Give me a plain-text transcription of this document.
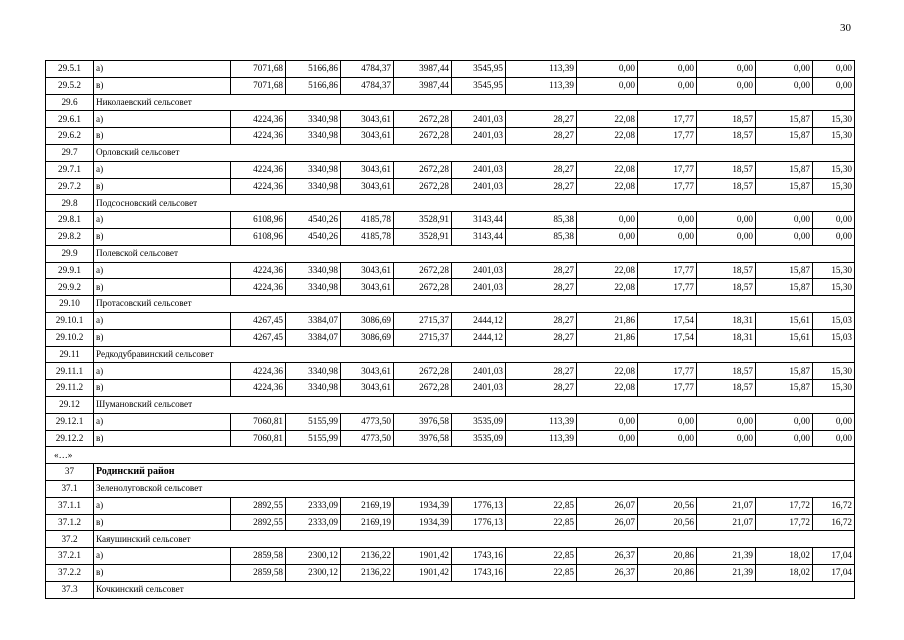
30
29.5.1	а)	7071,68	5166,86	4784,37	3987,44	3545,95	113,39	0,00	0,00	0,00	0,00	0,00
29.5.2	в)	7071,68	5166,86	4784,37	3987,44	3545,95	113,39	0,00	0,00	0,00	0,00	0,00
29.6	Николаевский сельсовет											
29.6.1	а)	4224,36	3340,98	3043,61	2672,28	2401,03	28,27	22,08	17,77	18,57	15,87	15,30
29.6.2	в)	4224,36	3340,98	3043,61	2672,28	2401,03	28,27	22,08	17,77	18,57	15,87	15,30
29.7	Орловский сельсовет											
29.7.1	а)	4224,36	3340,98	3043,61	2672,28	2401,03	28,27	22,08	17,77	18,57	15,87	15,30
29.7.2	в)	4224,36	3340,98	3043,61	2672,28	2401,03	28,27	22,08	17,77	18,57	15,87	15,30
29.8	Подсосновский сельсовет											
29.8.1	а)	6108,96	4540,26	4185,78	3528,91	3143,44	85,38	0,00	0,00	0,00	0,00	0,00
29.8.2	в)	6108,96	4540,26	4185,78	3528,91	3143,44	85,38	0,00	0,00	0,00	0,00	0,00
29.9	Полевской сельсовет											
29.9.1	а)	4224,36	3340,98	3043,61	2672,28	2401,03	28,27	22,08	17,77	18,57	15,87	15,30
29.9.2	в)	4224,36	3340,98	3043,61	2672,28	2401,03	28,27	22,08	17,77	18,57	15,87	15,30
29.10	Протасовский сельсовет											
29.10.1	а)	4267,45	3384,07	3086,69	2715,37	2444,12	28,27	21,86	17,54	18,31	15,61	15,03
29.10.2	в)	4267,45	3384,07	3086,69	2715,37	2444,12	28,27	21,86	17,54	18,31	15,61	15,03
29.11	Редкодубравинский сельсовет											
29.11.1	а)	4224,36	3340,98	3043,61	2672,28	2401,03	28,27	22,08	17,77	18,57	15,87	15,30
29.11.2	в)	4224,36	3340,98	3043,61	2672,28	2401,03	28,27	22,08	17,77	18,57	15,87	15,30
29.12	Шумановский сельсовет											
29.12.1	а)	7060,81	5155,99	4773,50	3976,58	3535,09	113,39	0,00	0,00	0,00	0,00	0,00
29.12.2	в)	7060,81	5155,99	4773,50	3976,58	3535,09	113,39	0,00	0,00	0,00	0,00	0,00
«…»												
37	Родинский район											
37.1	Зеленолуговской сельсовет											
37.1.1	а)	2892,55	2333,09	2169,19	1934,39	1776,13	22,85	26,07	20,56	21,07	17,72	16,72
37.1.2	в)	2892,55	2333,09	2169,19	1934,39	1776,13	22,85	26,07	20,56	21,07	17,72	16,72
37.2	Каяушинский сельсовет											
37.2.1	а)	2859,58	2300,12	2136,22	1901,42	1743,16	22,85	26,37	20,86	21,39	18,02	17,04
37.2.2	в)	2859,58	2300,12	2136,22	1901,42	1743,16	22,85	26,37	20,86	21,39	18,02	17,04
37.3	Кочкинский сельсовет											
